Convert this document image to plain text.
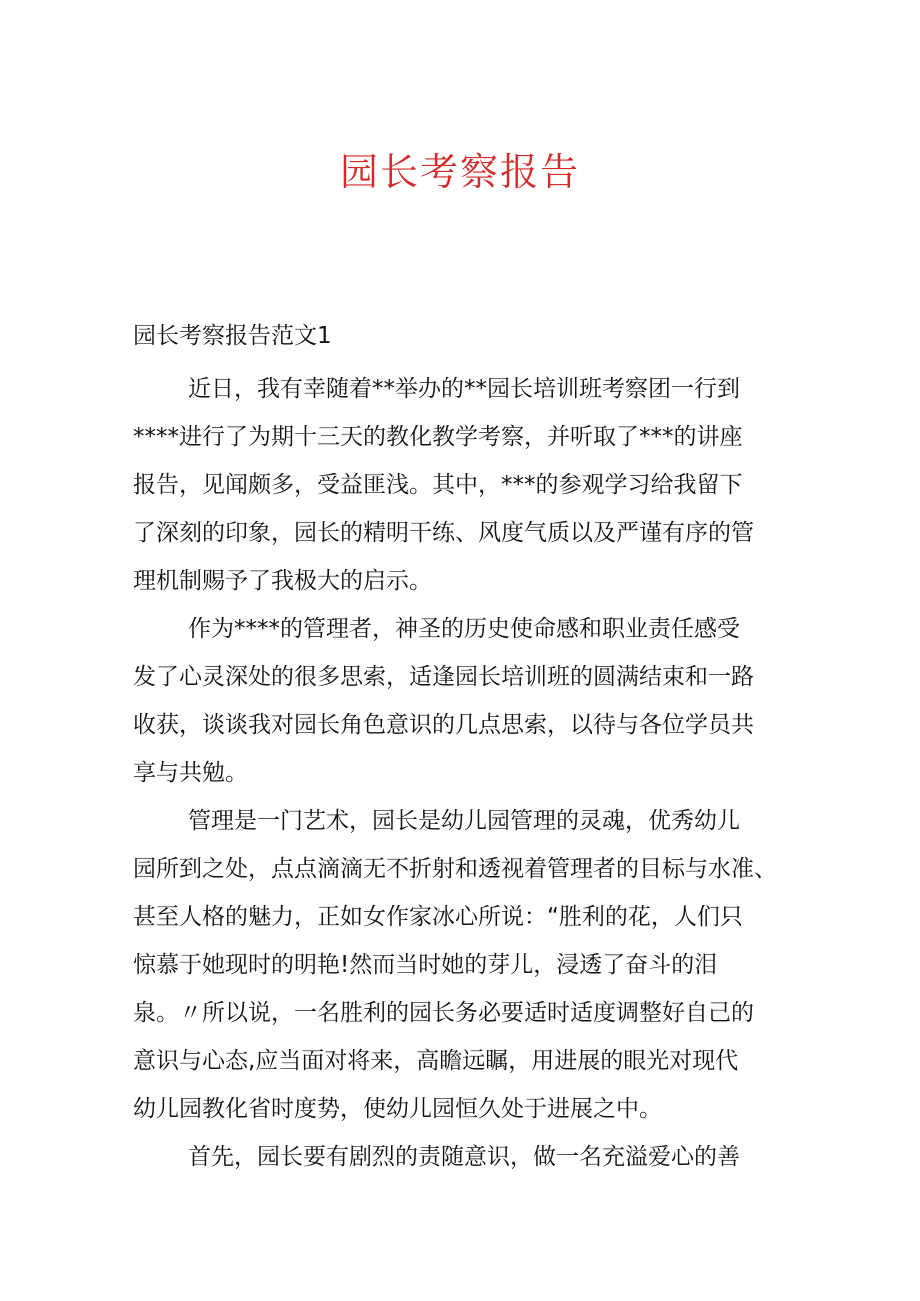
园长考察报告
园长考察报告范文1
近日，我有幸随着**举办的**园长培训班考察团一行到
****进行了为期十三天的教化教学考察，并听取了***的讲座
报告，见闻颇多，受益匪浅。其中，***的参观学习给我留下
了深刻的印象，园长的精明干练、风度气质以及严谨有序的管
理机制赐予了我极大的启示。
作为****的管理者，神圣的历史使命感和职业责任感受
发了心灵深处的很多思索，适逢园长培训班的圆满结束和一路
收获，谈谈我对园长角色意识的几点思索，以待与各位学员共
享与共勉。
管理是一门艺术，园长是幼儿园管理的灵魂，优秀幼儿
园所到之处，点点滴滴无不折射和透视着管理者的目标与水准、
甚至人格的魅力，正如女作家冰心所说：“胜利的花，人们只
惊慕于她现时的明艳!然而当时她的芽儿，浸透了奋斗的泪
泉。〃所以说，一名胜利的园长务必要适时适度调整好自己的
意识与心态,应当面对将来，高瞻远瞩，用进展的眼光对现代
幼儿园教化省时度势，使幼儿园恒久处于进展之中。
首先，园长要有剧烈的责随意识，做一名充溢爱心的善
